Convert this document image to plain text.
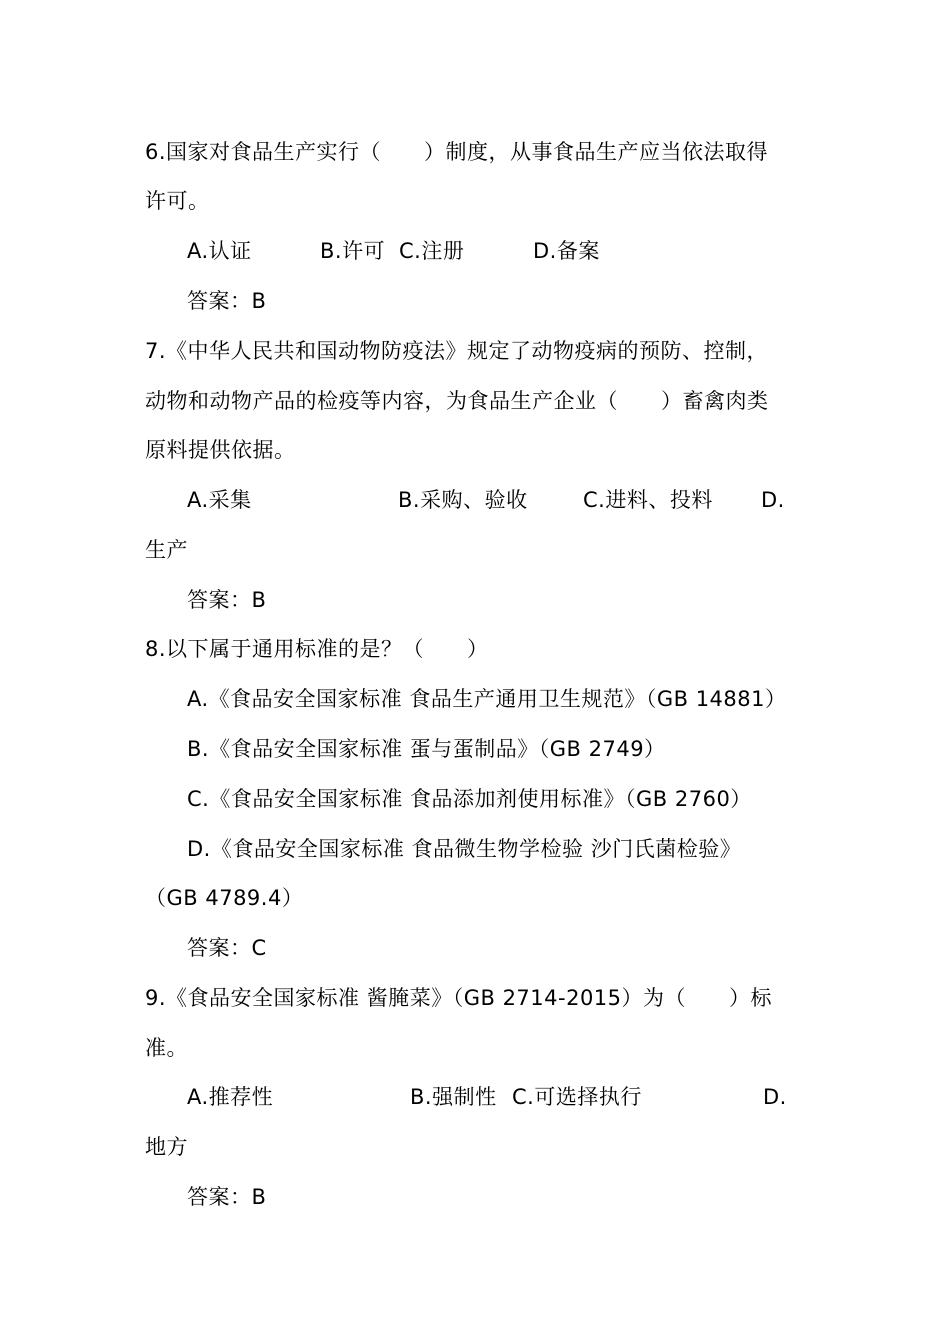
6.国家对食品生产实行（　　）制度，从事食品生产应当依法取得
许可。
A.认证	B.许可 C.注册	D.备案
答案：B
7.《中华人民共和国动物防疫法》规定了动物疫病的预防、控制，
动物和动物产品的检疫等内容，为食品生产企业（　　）畜禽肉类
原料提供依据。
A.采集	B.采购、验收	C.进料、投料 D.
生产
答案：B
8.以下属于通用标准的是？（　　）
A.《食品安全国家标准 食品生产通用卫生规范》（GB 14881）
B.《食品安全国家标准 蛋与蛋制品》（GB 2749）
C.《食品安全国家标准 食品添加剂使用标准》（GB 2760）
D.《食品安全国家标准 食品微生物学检验 沙门氏菌检验》
（GB 4789.4）
答案：C
9.《食品安全国家标准 酱腌菜》（GB 2714-2015）为（　　）标
准。
A.推荐性	B.强制性 C.可选择执行	D.
地方
答案：B
